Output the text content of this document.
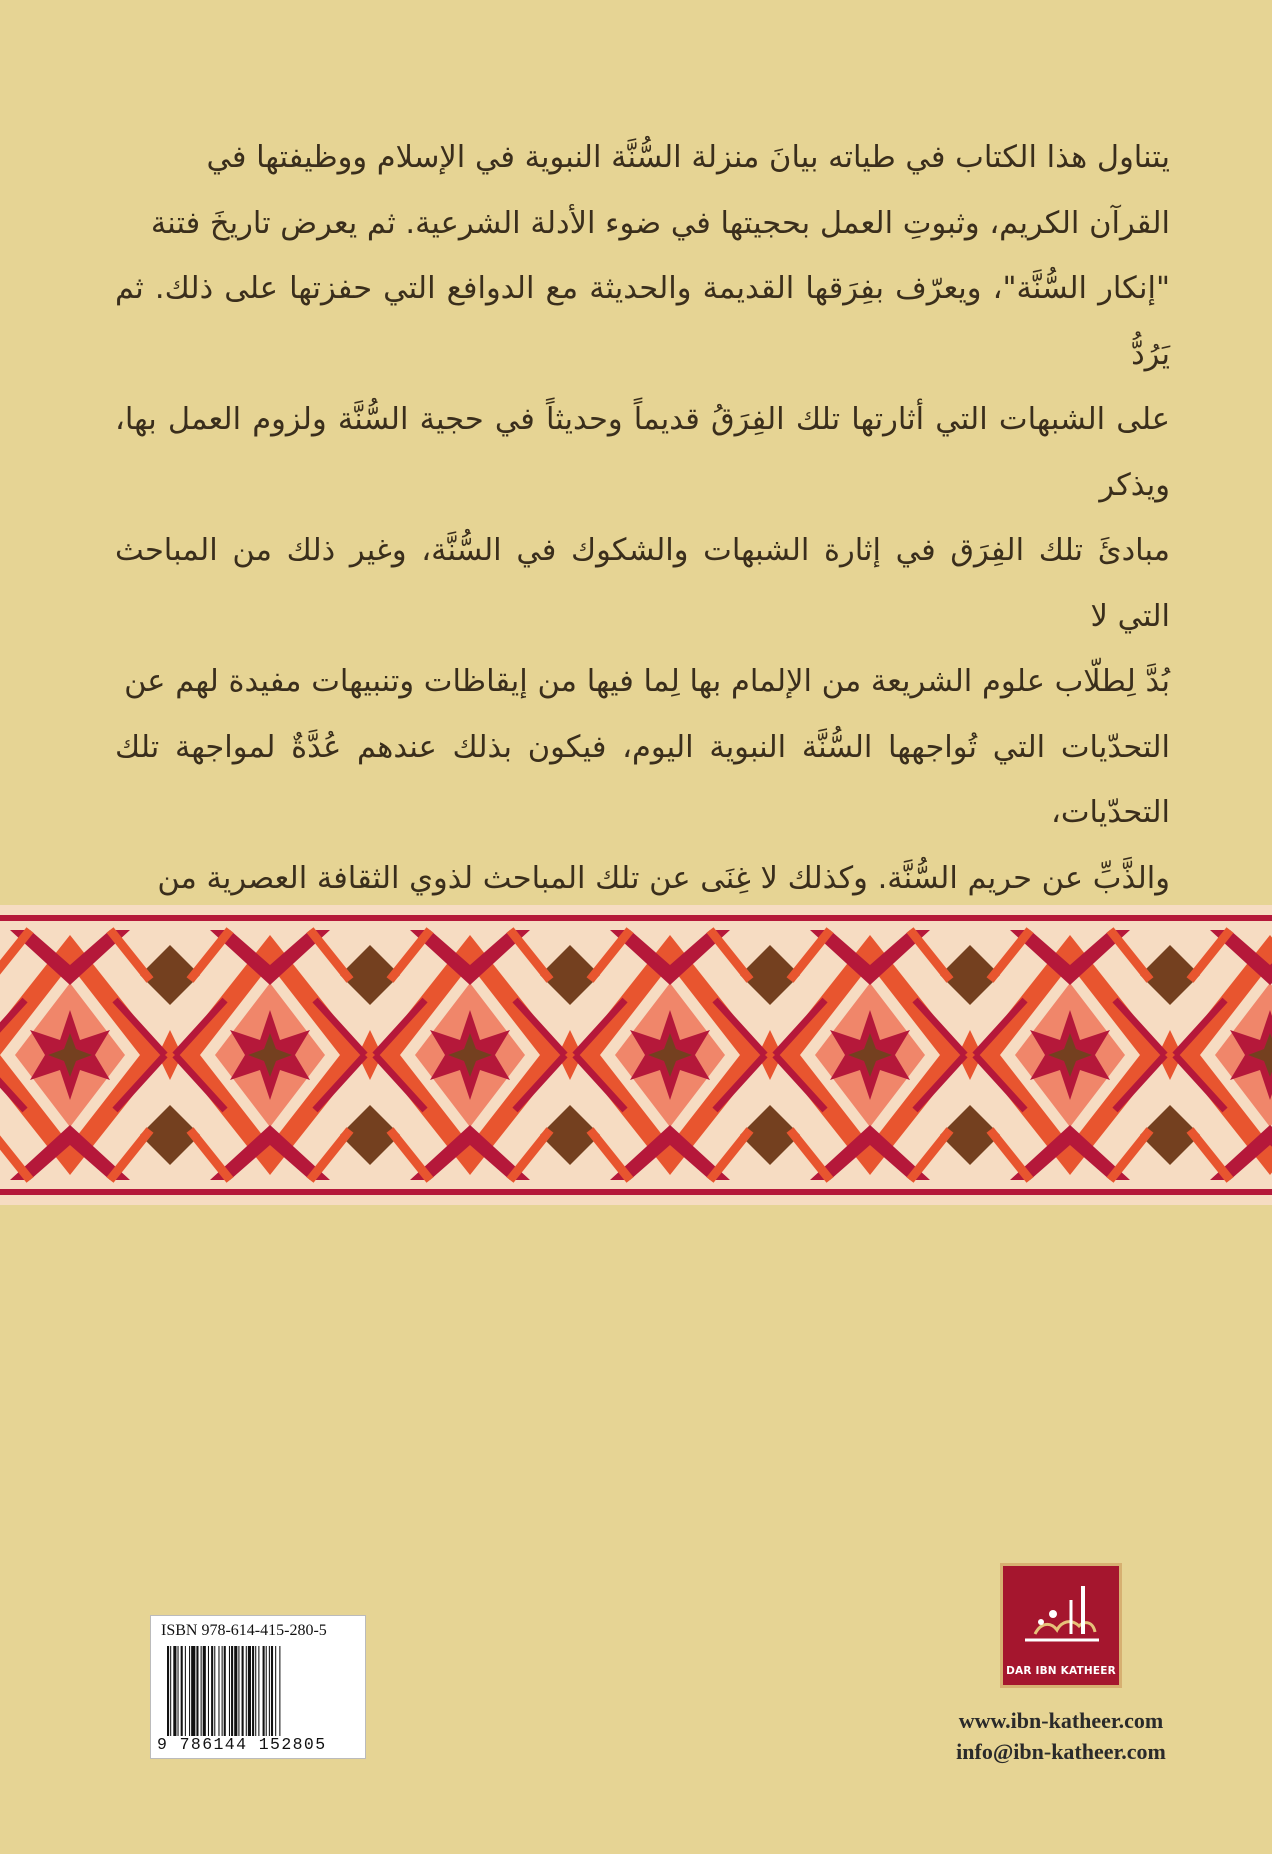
يتناول هذا الكتاب في طياته بيانَ منزلة السُّنَّة النبوية في الإسلام ووظيفتها في

القرآن الكريم، وثبوتِ العمل بحجيتها في ضوء الأدلة الشرعية. ثم يعرض تاريخَ فتنة

"إنكار السُّنَّة"، ويعرّف بفِرَقها القديمة والحديثة مع الدوافع التي حفزتها على ذلك. ثم يَرُدُّ

على الشبهات التي أثارتها تلك الفِرَقُ قديماً وحديثاً في حجية السُّنَّة ولزوم العمل بها، ويذكر

مبادئَ تلك الفِرَق في إثارة الشبهات والشكوك في السُّنَّة، وغير ذلك من المباحث التي لا

بُدَّ لِطلّاب علوم الشريعة من الإلمام بها لِما فيها من إيقاظات وتنبيهات مفيدة لهم عن

التحدّيات التي تُواجهها السُّنَّة النبوية اليوم، فيكون بذلك عندهم عُدَّةٌ لمواجهة تلك التحدّيات،

والذَّبِّ عن حريم السُّنَّة. وكذلك لا غِنَى عن تلك المباحث لذوي الثقافة العصرية من

DAR IBN KATHEER
www.ibn-katheer.com
info@ibn-katheer.com
ISBN 978-614-415-280-5
9 786144 152805
